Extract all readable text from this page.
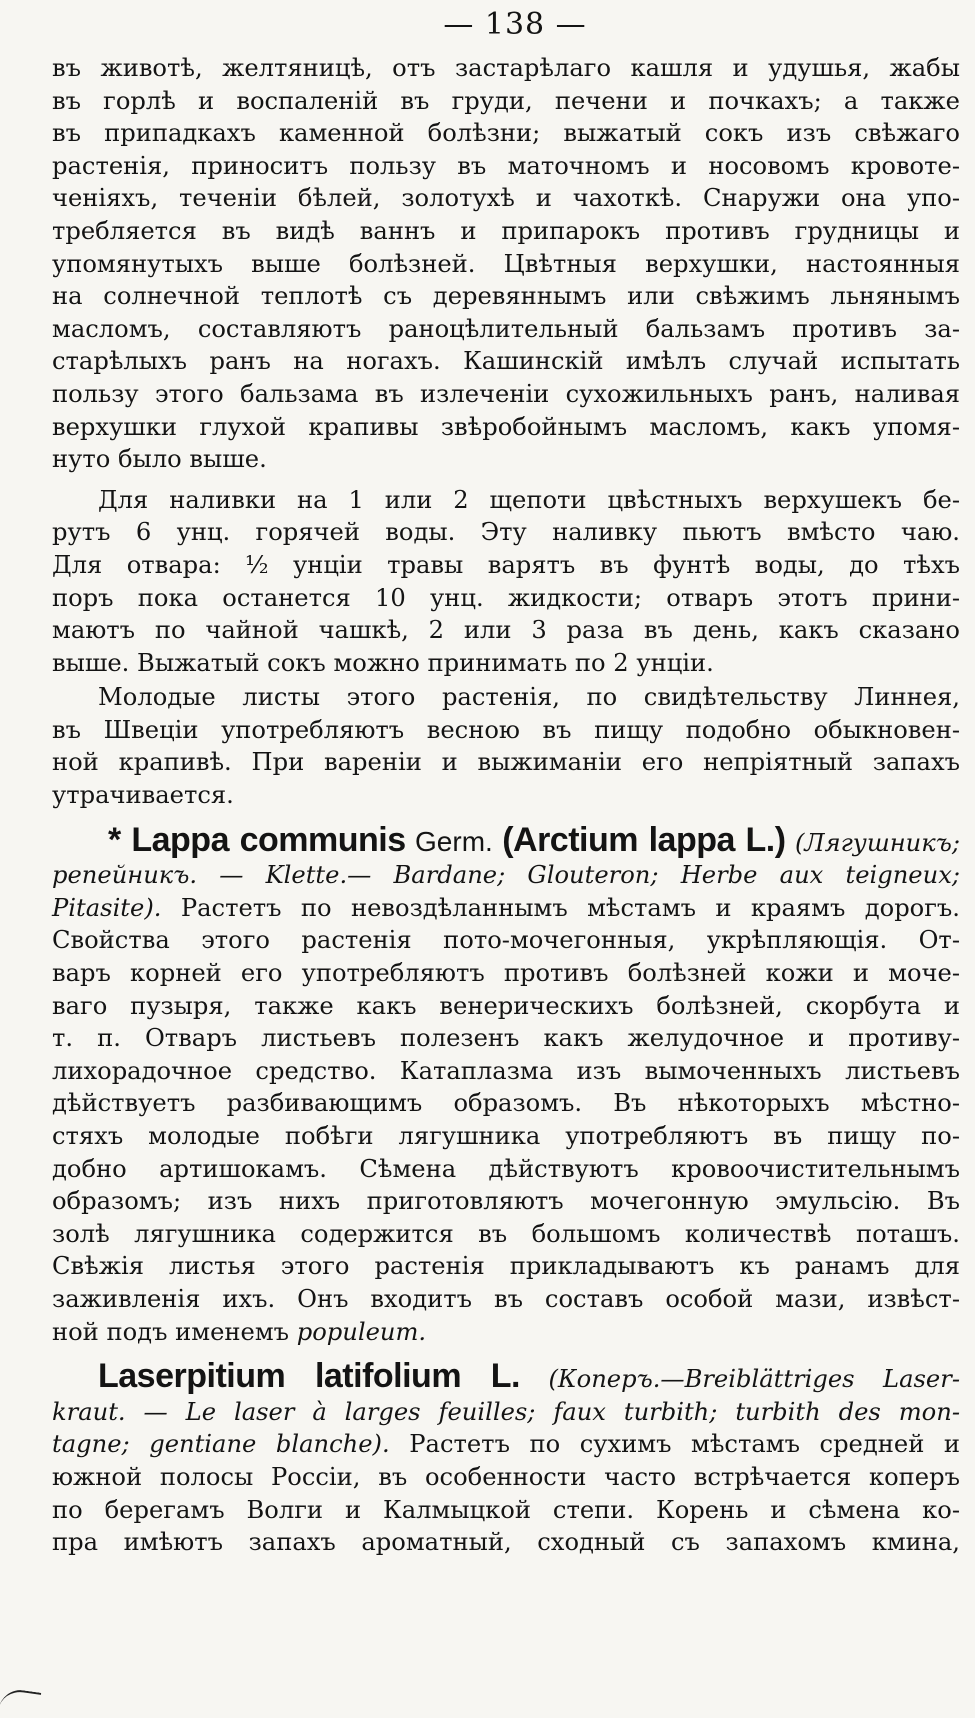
— 138 —

въ животѣ, желтяницѣ, отъ застарѣлаго кашля и удушья, жабы
въ горлѣ и воспаленій въ груди, печени и почкахъ; а также
въ припадкахъ каменной болѣзни; выжатый сокъ изъ свѣжаго
растенія, приноситъ пользу въ маточномъ и носовомъ кровоте-
ченіяхъ, теченіи бѣлей, золотухѣ и чахоткѣ. Снаружи она упо-
требляется въ видѣ ваннъ и припарокъ противъ грудницы и
упомянутыхъ выше болѣзней. Цвѣтныя верхушки, настоянныя
на солнечной теплотѣ съ деревяннымъ или свѣжимъ льнянымъ
масломъ, составляютъ раноцѣлительный бальзамъ противъ за-
старѣлыхъ ранъ на ногахъ. Кашинскій имѣлъ случай испытать
пользу этого бальзама въ излеченіи сухожильныхъ ранъ, наливая
верхушки глухой крапивы звѣробойнымъ масломъ, какъ упомя-
нуто было выше.

Для наливки на 1 или 2 щепоти цвѣстныхъ верхушекъ бе-
рутъ 6 унц. горячей воды. Эту наливку пьютъ вмѣсто чаю.
Для отвара: ½ унціи травы варятъ въ фунтѣ воды, до тѣхъ
поръ пока останется 10 унц. жидкости; отваръ этотъ прини-
маютъ по чайной чашкѣ, 2 или 3 раза въ день, какъ сказано
выше. Выжатый сокъ можно принимать по 2 унціи.

Молодые листы этого растенія, по свидѣтельству Линнея,
въ Швеціи употребляютъ весною въ пищу подобно обыкновен-
ной крапивѣ. При вареніи и выжиманіи его непріятный запахъ
утрачивается.

* Lappa communis Germ. (Arctium lappa L.) (Лягушникъ;
репейникъ. — Klette.— Bardane; Glouteron; Herbe aux teigneux;
Pitasite). Растетъ по невоздѣланнымъ мѣстамъ и краямъ дорогъ.
Свойства этого растенія пото-мочегонныя, укрѣпляющія. От-
варъ корней его употребляютъ противъ болѣзней кожи и моче-
ваго пузыря, также какъ венерическихъ болѣзней, скорбута и
т. п. Отваръ листьевъ полезенъ какъ желудочное и противу-
лихорадочное средство. Катаплазма изъ вымоченныхъ листьевъ
дѣйствуетъ разбивающимъ образомъ. Въ нѣкоторыхъ мѣстно-
стяхъ молодые побѣги лягушника употребляютъ въ пищу по-
добно артишокамъ. Сѣмена дѣйствуютъ кровоочистительнымъ
образомъ; изъ нихъ приготовляютъ мочегонную эмульсію. Въ
золѣ лягушника содержится въ большомъ количествѣ поташъ.
Свѣжія листья этого растенія прикладываютъ къ ранамъ для
заживленія ихъ. Онъ входитъ въ составъ особой мази, извѣст-
ной подъ именемъ populeum.
Laserpitium latifolium L. (Коперъ.—Breiblättriges Laser-
kraut. — Le laser à larges feuilles; faux turbith; turbith des mon-
tagne; gentiane blanche). Растетъ по сухимъ мѣстамъ средней и
южной полосы Россіи, въ особенности часто встрѣчается коперъ
по берегамъ Волги и Калмыцкой степи. Корень и сѣмена ко-
пра имѣютъ запахъ ароматный, сходный съ запахомъ кмина,
